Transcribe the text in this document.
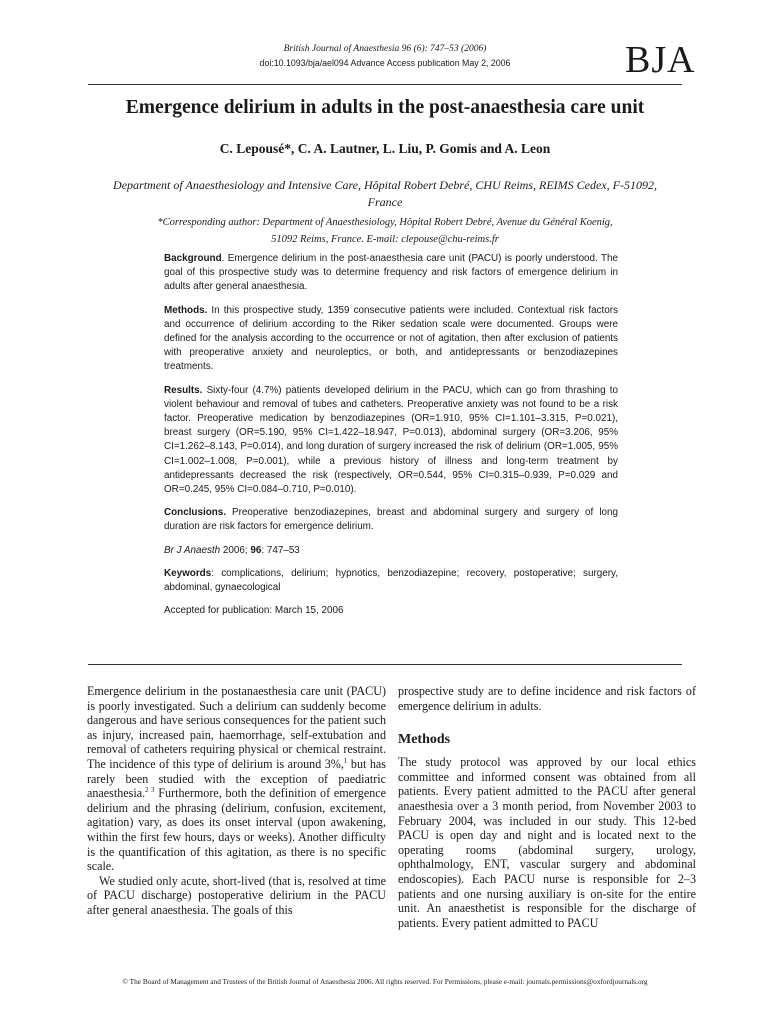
British Journal of Anaesthesia 96 (6): 747–53 (2006)
doi:10.1093/bja/ael094 Advance Access publication May 2, 2006	BJA
Emergence delirium in adults in the post-anaesthesia care unit
C. Lepousé*, C. A. Lautner, L. Liu, P. Gomis and A. Leon
Department of Anaesthesiology and Intensive Care, Hôpital Robert Debré, CHU Reims, REIMS Cedex, F-51092, France
*Corresponding author: Department of Anaesthesiology, Hôpital Robert Debré, Avenue du Général Koenig,
51092 Reims, France. E-mail: clepouse@chu-reims.fr

Background. Emergence delirium in the post-anaesthesia care unit (PACU) is poorly understood. The goal of this prospective study was to determine frequency and risk factors of emergence delirium in adults after general anaesthesia.

Methods. In this prospective study, 1359 consecutive patients were included. Contextual risk factors and occurrence of delirium according to the Riker sedation scale were documented. Groups were defined for the analysis according to the occurrence or not of agitation, then after exclusion of patients with preoperative anxiety and neuroleptics, or both, and antidepressants or benzodiazepines treatments.

Results. Sixty-four (4.7%) patients developed delirium in the PACU, which can go from thrashing to violent behaviour and removal of tubes and catheters. Preoperative anxiety was not found to be a risk factor. Preoperative medication by benzodiazepines (OR=1.910, 95% CI=1.101–3.315, P=0.021), breast surgery (OR=5.190, 95% CI=1.422–18.947, P=0.013), abdominal surgery (OR=3.206, 95% CI=1.262–8.143, P=0.014), and long duration of surgery increased the risk of delirium (OR=1.005, 95% CI=1.002–1.008, P=0.001), while a previous history of illness and long-term treatment by antidepressants decreased the risk (respectively, OR=0.544, 95% CI=0.315–0.939, P=0.029 and OR=0.245, 95% CI=0.084–0.710, P=0.010).

Conclusions. Preoperative benzodiazepines, breast and abdominal surgery and surgery of long duration are risk factors for emergence delirium.

Br J Anaesth 2006; 96: 747–53

Keywords: complications, delirium; hypnotics, benzodiazepine; recovery, postoperative; surgery, abdominal, gynaecological

Accepted for publication: March 15, 2006

Emergence delirium in the postanaesthesia care unit (PACU) is poorly investigated. Such a delirium can suddenly become dangerous and have serious consequences for the patient such as injury, increased pain, haemorrhage, self-extubation and removal of catheters requiring physical or chemical restraint. The incidence of this type of delirium is around 3%,$^1$ but has rarely been studied with the exception of paediatric anaesthesia.$^{2 3}$ Furthermore, both the definition of emergence delirium and the phrasing (delirium, confusion, excitement, agitation) vary, as does its onset interval (upon awakening, within the first few hours, days or weeks). Another difficulty is the quantification of this agitation, as there is no specific scale.

We studied only acute, short-lived (that is, resolved at time of PACU discharge) postoperative delirium in the PACU after general anaesthesia. The goals of this

prospective study are to define incidence and risk factors of emergence delirium in adults.

Methods

The study protocol was approved by our local ethics committee and informed consent was obtained from all patients. Every patient admitted to the PACU after general anaesthesia over a 3 month period, from November 2003 to February 2004, was included in our study. This 12-bed PACU is open day and night and is located next to the operating rooms (abdominal surgery, urology, ophthalmology, ENT, vascular surgery and abdominal endoscopies). Each PACU nurse is responsible for 2–3 patients and one nursing auxiliary is on-site for the entire unit. An anaesthetist is responsible for the discharge of patients. Every patient admitted to PACU

© The Board of Management and Trustees of the British Journal of Anaesthesia 2006. All rights reserved. For Permissions, please e-mail: journals.permissions@oxfordjournals.org
